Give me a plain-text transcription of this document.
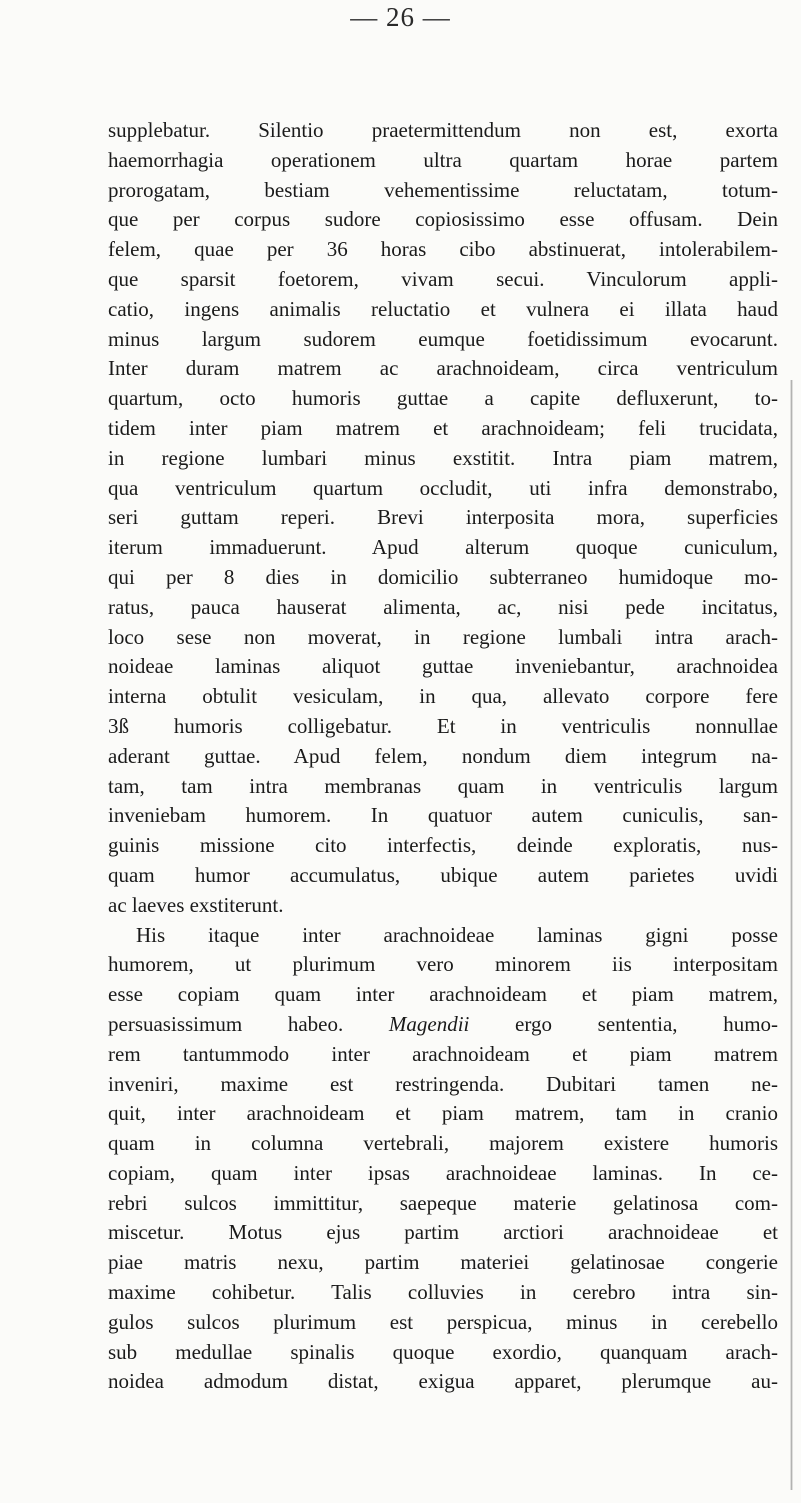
— 26 —
supplebatur. Silentio praetermittendum non est, exorta
haemorrhagia operationem ultra quartam horae partem
prorogatam, bestiam vehementissime reluctatam, totum-
que per corpus sudore copiosissimo esse offusam. Dein
felem, quae per 36 horas cibo abstinuerat, intolerabilem-
que sparsit foetorem, vivam secui. Vinculorum appli-
catio, ingens animalis reluctatio et vulnera ei illata haud
minus largum sudorem eumque foetidissimum evocarunt.
Inter duram matrem ac arachnoideam, circa ventriculum
quartum, octo humoris guttae a capite defluxerunt, to-
tidem inter piam matrem et arachnoideam; feli trucidata,
in regione lumbari minus exstitit. Intra piam matrem,
qua ventriculum quartum occludit, uti infra demonstrabo,
seri guttam reperi. Brevi interposita mora, superficies
iterum immaduerunt. Apud alterum quoque cuniculum,
qui per 8 dies in domicilio subterraneo humidoque mo-
ratus, pauca hauserat alimenta, ac, nisi pede incitatus,
loco sese non moverat, in regione lumbali intra arach-
noideae laminas aliquot guttae inveniebantur, arachnoidea
interna obtulit vesiculam, in qua, allevato corpore fere
3ß humoris colligebatur. Et in ventriculis nonnullae
aderant guttae. Apud felem, nondum diem integrum na-
tam, tam intra membranas quam in ventriculis largum
inveniebam humorem. In quatuor autem cuniculis, san-
guinis missione cito interfectis, deinde exploratis, nus-
quam humor accumulatus, ubique autem parietes uvidi
ac laeves exstiterunt.
His itaque inter arachnoideae laminas gigni posse
humorem, ut plurimum vero minorem iis interpositam
esse copiam quam inter arachnoideam et piam matrem,
persuasissimum habeo. Magendii ergo sententia, humo-
rem tantummodo inter arachnoideam et piam matrem
inveniri, maxime est restringenda. Dubitari tamen ne-
quit, inter arachnoideam et piam matrem, tam in cranio
quam in columna vertebrali, majorem existere humoris
copiam, quam inter ipsas arachnoideae laminas. In ce-
rebri sulcos immittitur, saepeque materie gelatinosa com-
miscetur. Motus ejus partim arctiori arachnoideae et
piae matris nexu, partim materiei gelatinosae congerie
maxime cohibetur. Talis colluvies in cerebro intra sin-
gulos sulcos plurimum est perspicua, minus in cerebello
sub medullae spinalis quoque exordio, quanquam arach-
noidea admodum distat, exigua apparet, plerumque au-
